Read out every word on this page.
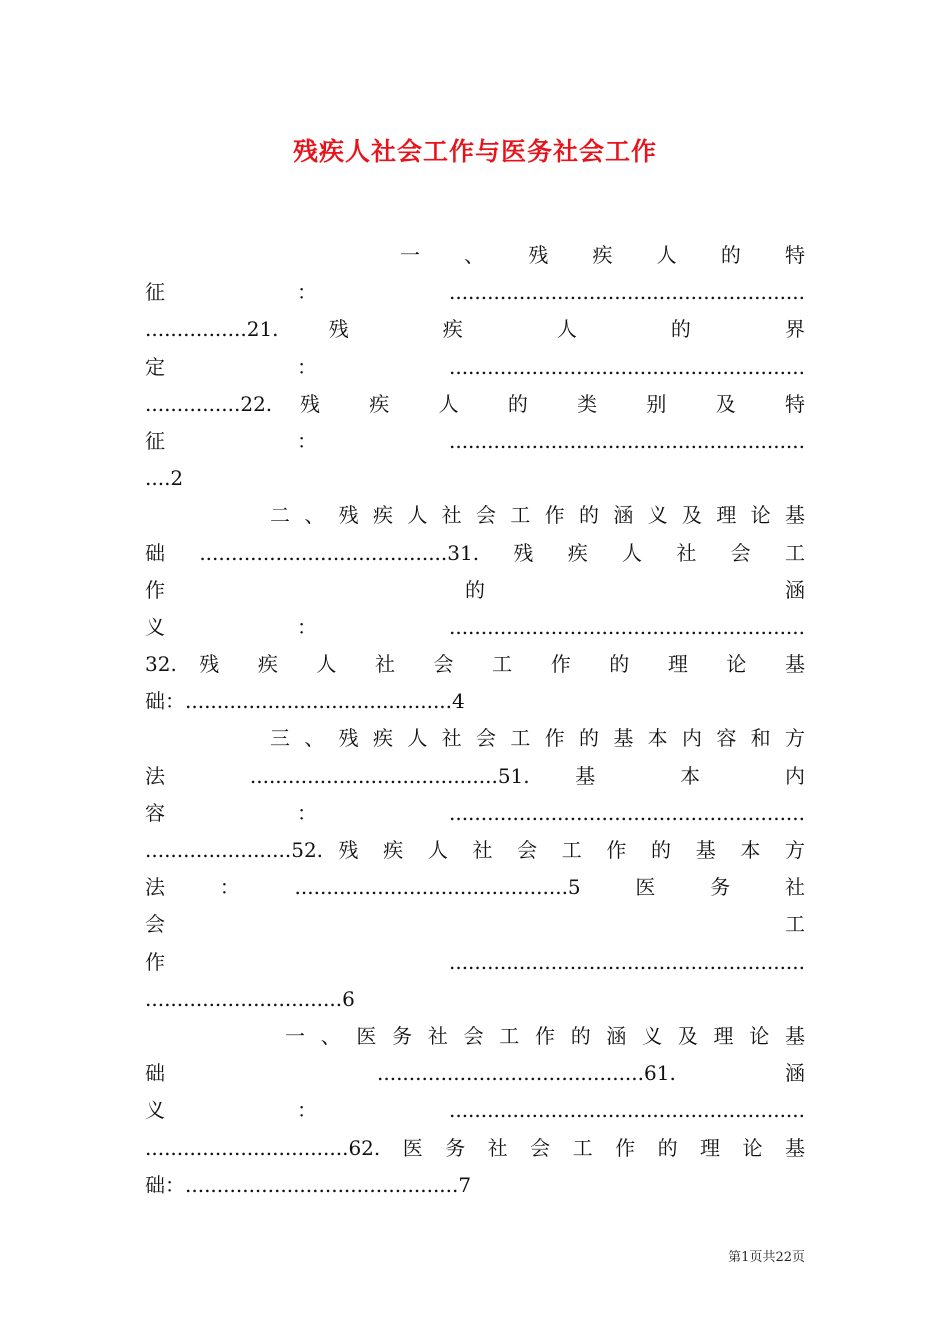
残疾人社会工作与医务社会工作
一 、 残 疾 人 的 特
征：........................................................
................21. 残 疾 人 的 界
定：........................................................
...............22. 残 疾 人 的 类 别 及 特
征：........................................................
....2
二 、 残 疾 人 社 会 工 作 的 涵 义 及 理 论 基
础.......................................31.残疾人社会工
作 的 涵
义：........................................................
32. 残 疾 人 社 会 工 作 的 理 论 基
础：..........................................4
三 、 残 疾 人 社 会 工 作 的 基 本 内 容 和 方
法 .......................................51. 基 本 内
容：........................................................
.......................52. 残 疾 人 社 会 工 作 的 基 本 方
法：...........................................5医务社
会 工
作........................................................
...............................6
一 、 医 务 社 会 工 作 的 涵 义 及 理 论 基
础 ..........................................61. 涵
义：........................................................
................................62.医务社会工作的理论基
础：...........................................7
第1页共22页
